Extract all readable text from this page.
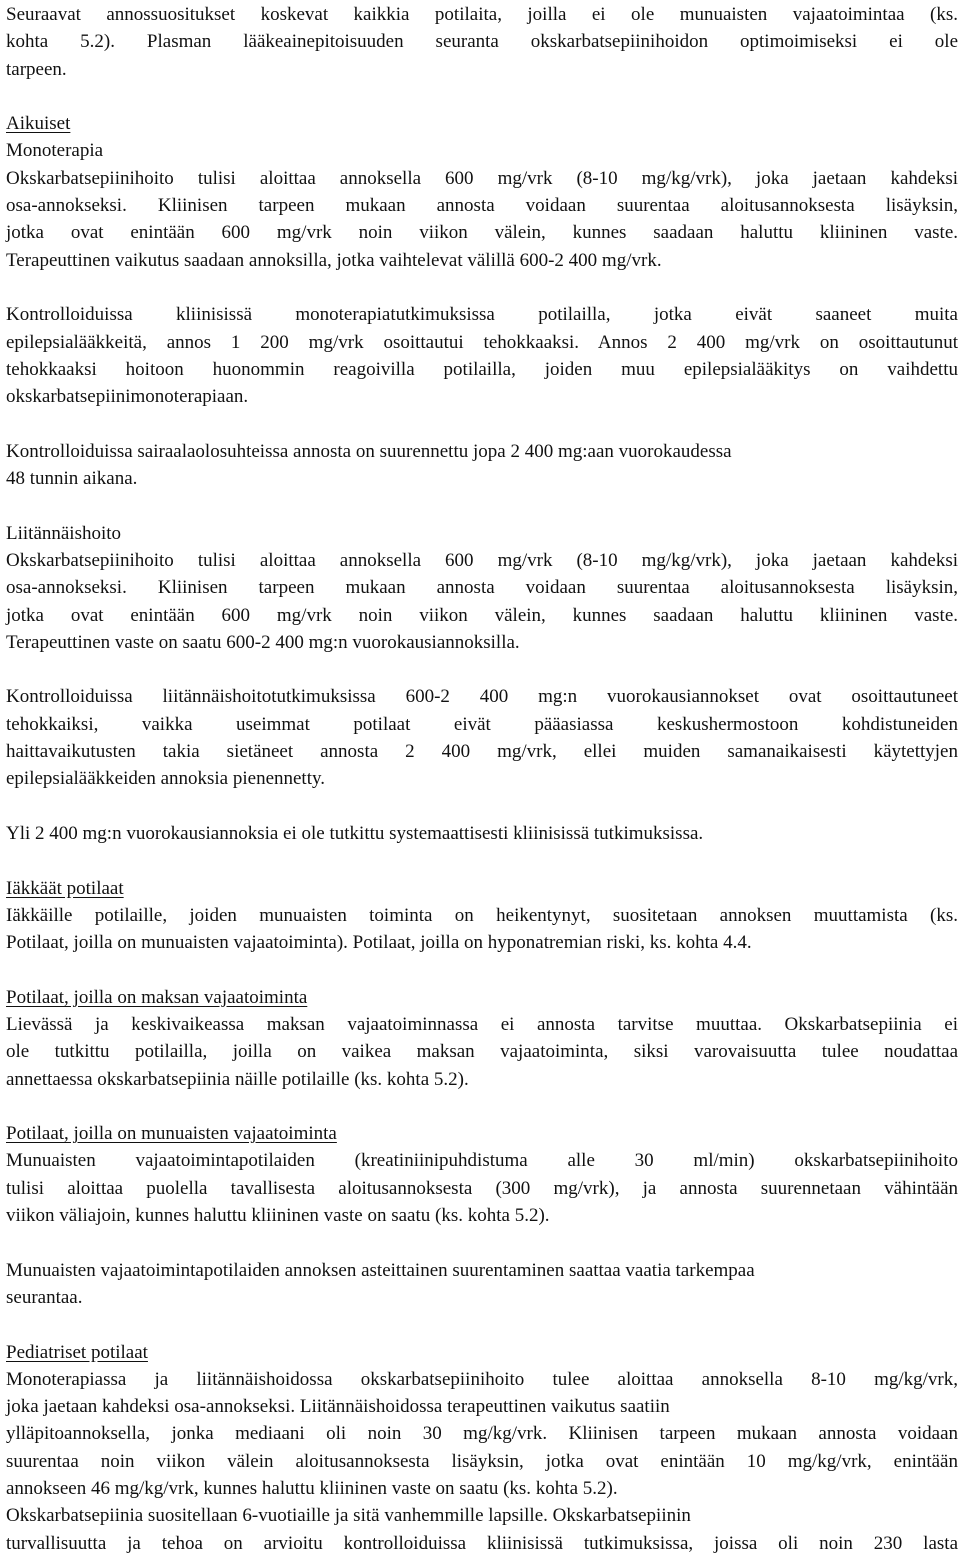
Seuraavat annossuositukset koskevat kaikkia potilaita, joilla ei ole munuaisten vajaatoimintaa (ks.
kohta 5.2). Plasman lääkeainepitoisuuden seuranta okskarbatsepiinihoidon optimoimiseksi ei ole
tarpeen.
Aikuiset
Monoterapia
Okskarbatsepiinihoito tulisi aloittaa annoksella 600 mg/vrk (8-10 mg/kg/vrk), joka jaetaan kahdeksi
osa-annokseksi. Kliinisen tarpeen mukaan annosta voidaan suurentaa aloitusannoksesta lisäyksin,
jotka ovat enintään 600 mg/vrk noin viikon välein, kunnes saadaan haluttu kliininen vaste.
Terapeuttinen vaikutus saadaan annoksilla, jotka vaihtelevat välillä 600-2 400 mg/vrk.
Kontrolloiduissa kliinisissä monoterapiatutkimuksissa potilailla, jotka eivät saaneet muita
epilepsialääkkeitä, annos 1 200 mg/vrk osoittautui tehokkaaksi. Annos 2 400 mg/vrk on osoittautunut
tehokkaaksi hoitoon huonommin reagoivilla potilailla, joiden muu epilepsialääkitys on vaihdettu
okskarbatsepiinimonoterapiaan.
Kontrolloiduissa sairaalaolosuhteissa annosta on suurennettu jopa 2 400 mg:aan vuorokaudessa
48 tunnin aikana.
Liitännäishoito
Okskarbatsepiinihoito tulisi aloittaa annoksella 600 mg/vrk (8-10 mg/kg/vrk), joka jaetaan kahdeksi
osa-annokseksi. Kliinisen tarpeen mukaan annosta voidaan suurentaa aloitusannoksesta lisäyksin,
jotka ovat enintään 600 mg/vrk noin viikon välein, kunnes saadaan haluttu kliininen vaste.
Terapeuttinen vaste on saatu 600-2 400 mg:n vuorokausiannoksilla.
Kontrolloiduissa liitännäishoitotutkimuksissa 600-2 400 mg:n vuorokausiannokset ovat osoittautuneet
tehokkaiksi, vaikka useimmat potilaat eivät pääasiassa keskushermostoon kohdistuneiden
haittavaikutusten takia sietäneet annosta 2 400 mg/vrk, ellei muiden samanaikaisesti käytettyjen
epilepsialääkkeiden annoksia pienennetty.
Yli 2 400 mg:n vuorokausiannoksia ei ole tutkittu systemaattisesti kliinisissä tutkimuksissa.
Iäkkäät potilaat
Iäkkäille potilaille, joiden munuaisten toiminta on heikentynyt, suositetaan annoksen muuttamista (ks.
Potilaat, joilla on munuaisten vajaatoiminta). Potilaat, joilla on hyponatremian riski, ks. kohta 4.4.
Potilaat, joilla on maksan vajaatoiminta
Lievässä ja keskivaikeassa maksan vajaatoiminnassa ei annosta tarvitse muuttaa. Okskarbatsepiinia ei
ole tutkittu potilailla, joilla on vaikea maksan vajaatoiminta, siksi varovaisuutta tulee noudattaa
annettaessa okskarbatsepiinia näille potilaille (ks. kohta 5.2).
Potilaat, joilla on munuaisten vajaatoiminta
Munuaisten vajaatoimintapotilaiden (kreatiniinipuhdistuma alle 30 ml/min) okskarbatsepiinihoito
tulisi aloittaa puolella tavallisesta aloitusannoksesta (300 mg/vrk), ja annosta suurennetaan vähintään
viikon väliajoin, kunnes haluttu kliininen vaste on saatu (ks. kohta 5.2).
Munuaisten vajaatoimintapotilaiden annoksen asteittainen suurentaminen saattaa vaatia tarkempaa
seurantaa.
Pediatriset potilaat
Monoterapiassa ja liitännäishoidossa okskarbatsepiinihoito tulee aloittaa annoksella 8-10 mg/kg/vrk,
joka jaetaan kahdeksi osa-annokseksi. Liitännäishoidossa terapeuttinen vaikutus saatiin
ylläpitoannoksella, jonka mediaani oli noin 30 mg/kg/vrk. Kliinisen tarpeen mukaan annosta voidaan
suurentaa noin viikon välein aloitusannoksesta lisäyksin, jotka ovat enintään 10 mg/kg/vrk, enintään
annokseen 46 mg/kg/vrk, kunnes haluttu kliininen vaste on saatu (ks. kohta 5.2).
Okskarbatsepiinia suositellaan 6-vuotiaille ja sitä vanhemmille lapsille. Okskarbatsepiinin
turvallisuutta ja tehoa on arvioitu kontrolloiduissa kliinisissä tutkimuksissa, joissa oli noin 230 lasta
